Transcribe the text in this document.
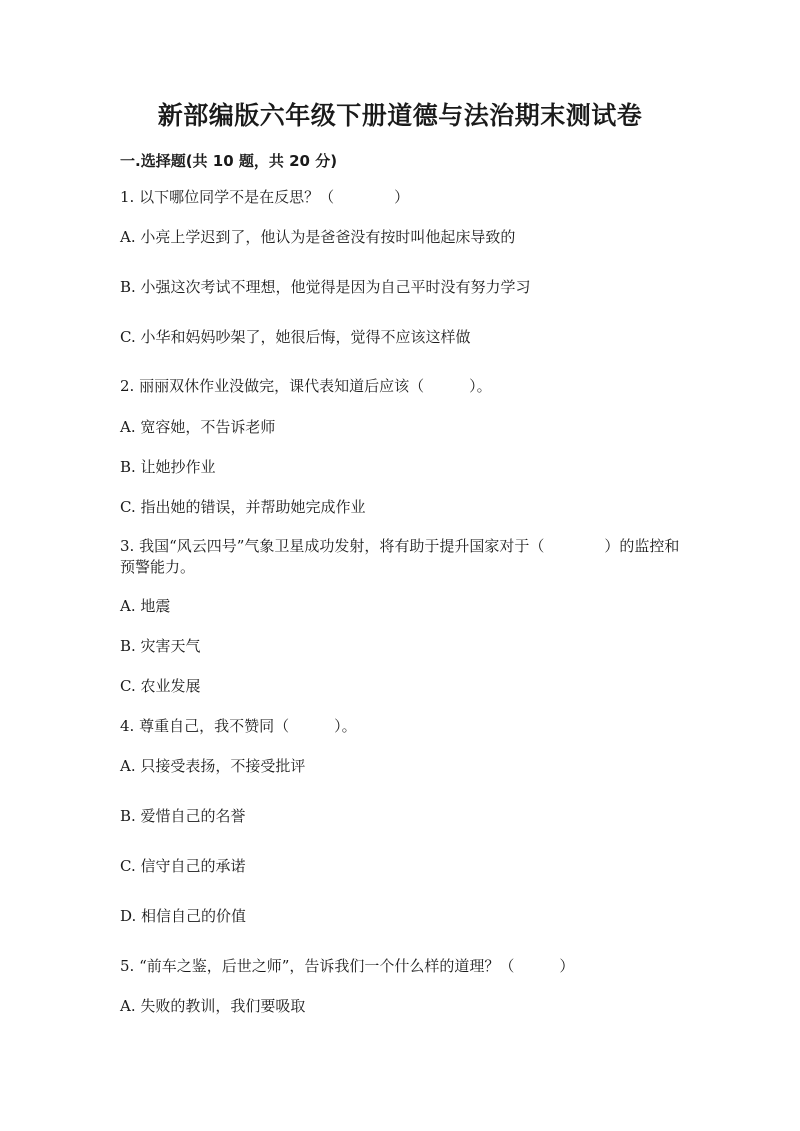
新部编版六年级下册道德与法治期末测试卷
一.选择题(共 10 题，共 20 分)
1. 以下哪位同学不是在反思？（　　　　）
A. 小亮上学迟到了，他认为是爸爸没有按时叫他起床导致的
B. 小强这次考试不理想，他觉得是因为自己平时没有努力学习
C. 小华和妈妈吵架了，她很后悔，觉得不应该这样做
2. 丽丽双休作业没做完，课代表知道后应该（　　　）。
A. 宽容她，不告诉老师
B. 让她抄作业
C. 指出她的错误，并帮助她完成作业
3. 我国“风云四号”气象卫星成功发射，将有助于提升国家对于（　　　　）的监控和预警能力。
A. 地震
B. 灾害天气
C. 农业发展
4. 尊重自己，我不赞同（　　　）。
A. 只接受表扬，不接受批评
B. 爱惜自己的名誉
C. 信守自己的承诺
D. 相信自己的价值
5. “前车之鉴，后世之师”，告诉我们一个什么样的道理？（　　　）
A. 失败的教训，我们要吸取
